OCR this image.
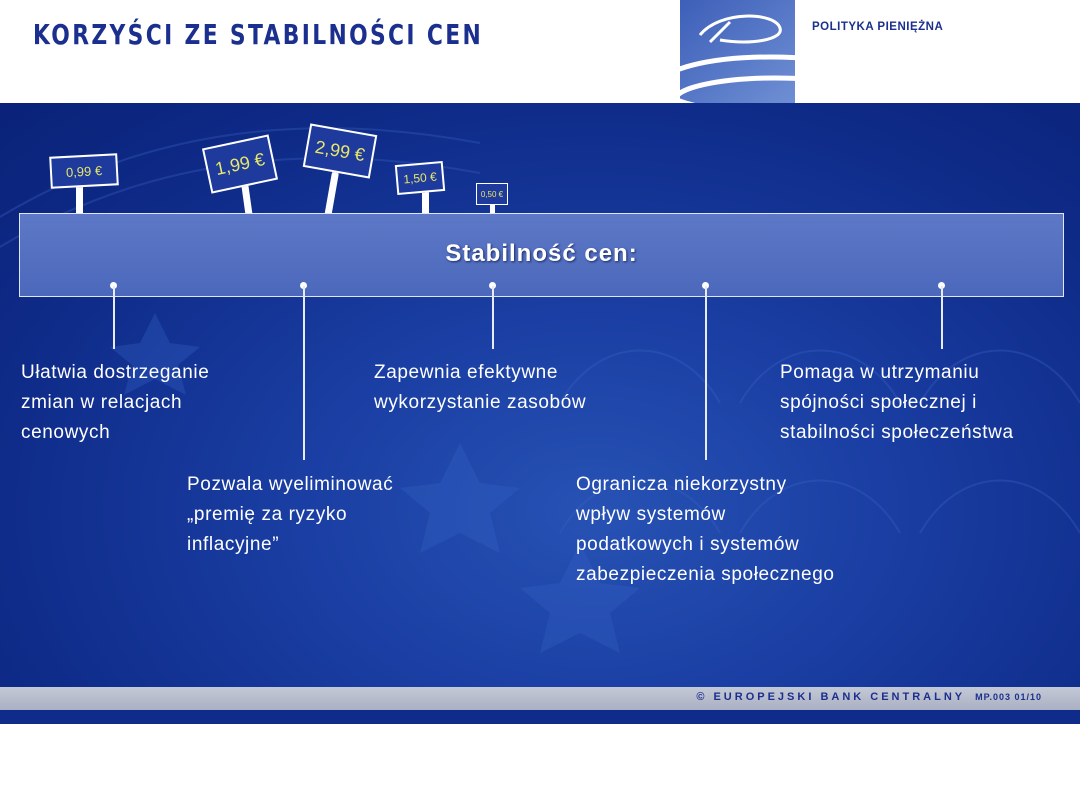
KORZYŚCI ZE STABILNOŚCI CEN	POLITYKA PIENIĘŻNA
0,99 €	1,99 €	2,99 €
1,50 €
0,50 €
Stabilność cen:
Ułatwia dostrzeganie
zmian w relacjach
cenowych
Pozwala wyeliminować
„premię za ryzyko
inflacyjne”
Zapewnia efektywne
wykorzystanie zasobów
Ogranicza niekorzystny
wpływ systemów
podatkowych i systemów
zabezpieczenia społecznego
Pomaga w utrzymaniu
spójności społecznej i
stabilności społeczeństwa
© EUROPEJSKI BANK CENTRALNY MP.003 01/10
